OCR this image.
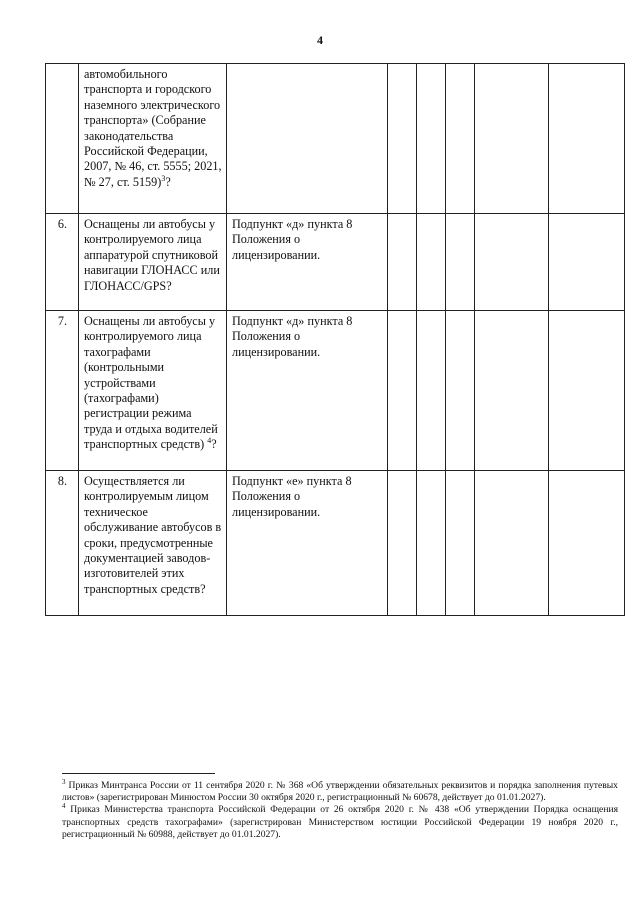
4
	автомобильного транспорта и городского наземного электрического транспорта» (Собрание законодательства Российской Федерации, 2007, № 46, ст. 5555; 2021, № 27, ст. 5159)$^3$?						
6.	Оснащены ли автобусы у контролируемого лица аппаратурой спутниковой навигации ГЛОНАСС или ГЛОНАСС/GPS?	Подпункт «д» пункта 8 Положения о лицензировании.					
7.	Оснащены ли автобусы у контролируемого лица тахографами (контрольными устройствами (тахографами) регистрации режима труда и отдыха водителей транспортных средств) $^4$?	Подпункт «д» пункта 8 Положения о лицензировании.					
8.	Осуществляется ли контролируемым лицом техническое обслуживание автобусов в сроки, предусмотренные документацией заводов-изготовителей этих транспортных средств?	Подпункт «е» пункта 8 Положения о лицензировании.					

$^3$ Приказ Минтранса России от 11 сентября 2020 г. № 368 «Об утверждении обязательных реквизитов и порядка заполнения путевых листов» (зарегистрирован Минюстом России 30 октября 2020 г., регистрационный № 60678, действует до 01.01.2027).

$^4$ Приказ Министерства транспорта Российской Федерации от 26 октября 2020 г. № 438 «Об утверждении Порядка оснащения транспортных средств тахографами» (зарегистрирован Министерством юстиции Российской Федерации 19 ноября 2020 г., регистрационный № 60988, действует до 01.01.2027).
